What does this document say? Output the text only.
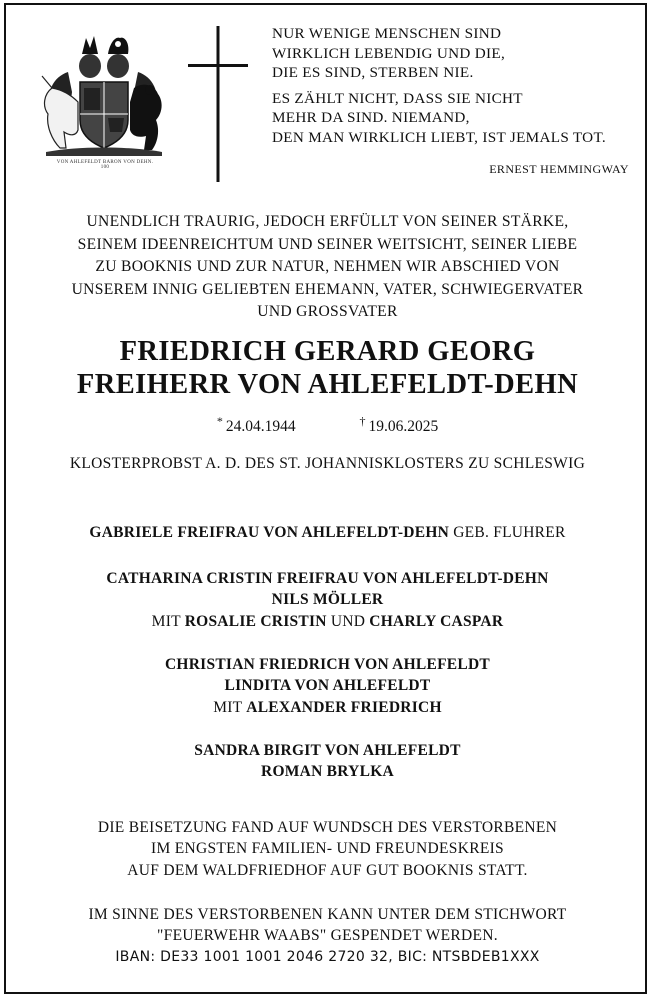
VON AHLEFELDT BARON VON DEHN.
100
NUR WENIGE MENSCHEN SIND
WIRKLICH LEBENDIG UND DIE,
DIE ES SIND, STERBEN NIE.
ES ZÄHLT NICHT, DASS SIE NICHT
MEHR DA SIND. NIEMAND,
DEN MAN WIRKLICH LIEBT, IST JEMALS TOT.
ERNEST HEMMINGWAY
UNENDLICH TRAURIG, JEDOCH ERFÜLLT VON SEINER STÄRKE,
SEINEM IDEENREICHTUM UND SEINER WEITSICHT, SEINER LIEBE
ZU BOOKNIS UND ZUR NATUR, NEHMEN WIR ABSCHIED VON
UNSEREM INNIG GELIEBTEN EHEMANN, VATER, SCHWIEGERVATER
UND GROSSVATER
FRIEDRICH GERARD GEORG
FREIHERR VON AHLEFELDT-DEHN
* 24.04.1944	† 19.06.2025
KLOSTERPROBST A. D. DES ST. JOHANNISKLOSTERS ZU SCHLESWIG
GABRIELE FREIFRAU VON AHLEFELDT-DEHN GEB. FLUHRER
CATHARINA CRISTIN FREIFRAU VON AHLEFELDT-DEHN
NILS MÖLLER
MIT ROSALIE CRISTIN UND CHARLY CASPAR
CHRISTIAN FRIEDRICH VON AHLEFELDT
LINDITA VON AHLEFELDT
MIT ALEXANDER FRIEDRICH
SANDRA BIRGIT VON AHLEFELDT
ROMAN BRYLKA
DIE BEISETZUNG FAND AUF WUNDSCH DES VERSTORBENEN
IM ENGSTEN FAMILIEN- UND FREUNDESKREIS
AUF DEM WALDFRIEDHOF AUF GUT BOOKNIS STATT.
IM SINNE DES VERSTORBENEN KANN UNTER DEM STICHWORT
"FEUERWEHR WAABS" GESPENDET WERDEN.
IBAN: DE33 1001 1001 2046 2720 32, BIC: NTSBDEB1XXX
